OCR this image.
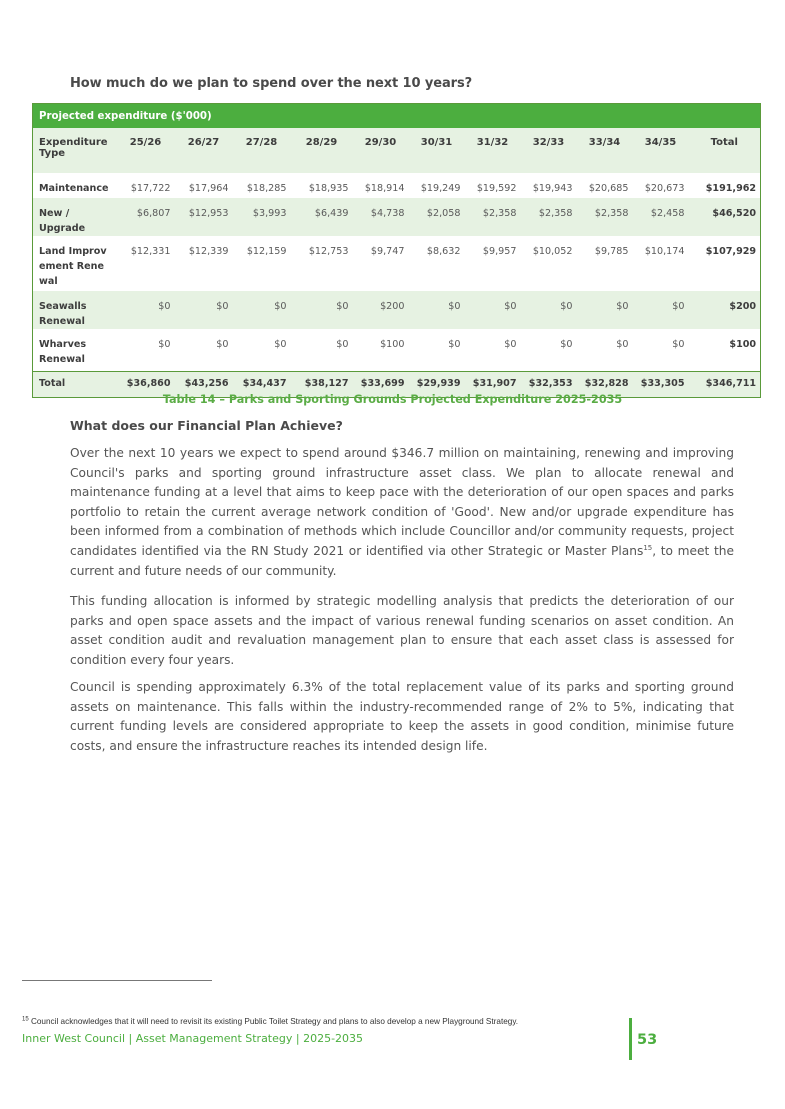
How much do we plan to spend over the next 10 years?
Projected expenditure ($'000)											
Expenditure Type	25/26	26/27	27/28	28/29	29/30	30/31	31/32	32/33	33/34	34/35	Total
Maintenance	$17,722	$17,964	$18,285	$18,935	$18,914	$19,249	$19,592	$19,943	$20,685	$20,673	$191,962
New / Upgrade	$6,807	$12,953	$3,993	$6,439	$4,738	$2,058	$2,358	$2,358	$2,358	$2,458	$46,520
Land Improvement Renewal	$12,331	$12,339	$12,159	$12,753	$9,747	$8,632	$9,957	$10,052	$9,785	$10,174	$107,929
Seawalls Renewal	$0	$0	$0	$0	$200	$0	$0	$0	$0	$0	$200
Wharves Renewal	$0	$0	$0	$0	$100	$0	$0	$0	$0	$0	$100
Total	$36,860	$43,256	$34,437	$38,127	$33,699	$29,939	$31,907	$32,353	$32,828	$33,305	$346,711
Table 14 – Parks and Sporting Grounds Projected Expenditure 2025-2035
What does our Financial Plan Achieve?

Over the next 10 years we expect to spend around $346.7 million on maintaining, renewing and improving Council's parks and sporting ground infrastructure asset class. We plan to allocate renewal and maintenance funding at a level that aims to keep pace with the deterioration of our open spaces and parks portfolio to retain the current average network condition of 'Good'. New and/or upgrade expenditure has been informed from a combination of methods which include Councillor and/or community requests, project candidates identified via the RN Study 2021 or identified via other Strategic or Master Plans$^{15}$, to meet the current and future needs of our community.

This funding allocation is informed by strategic modelling analysis that predicts the deterioration of our parks and open space assets and the impact of various renewal funding scenarios on asset condition. An asset condition audit and revaluation management plan to ensure that each asset class is assessed for condition every four years.

Council is spending approximately 6.3% of the total replacement value of its parks and sporting ground assets on maintenance. This falls within the industry-recommended range of 2% to 5%, indicating that current funding levels are considered appropriate to keep the assets in good condition, minimise future costs, and ensure the infrastructure reaches its intended design life.

$^{15}$ Council acknowledges that it will need to revisit its existing Public Toilet Strategy and plans to also develop a new Playground Strategy.
Inner West Council | Asset Management Strategy | 2025-2035	53
